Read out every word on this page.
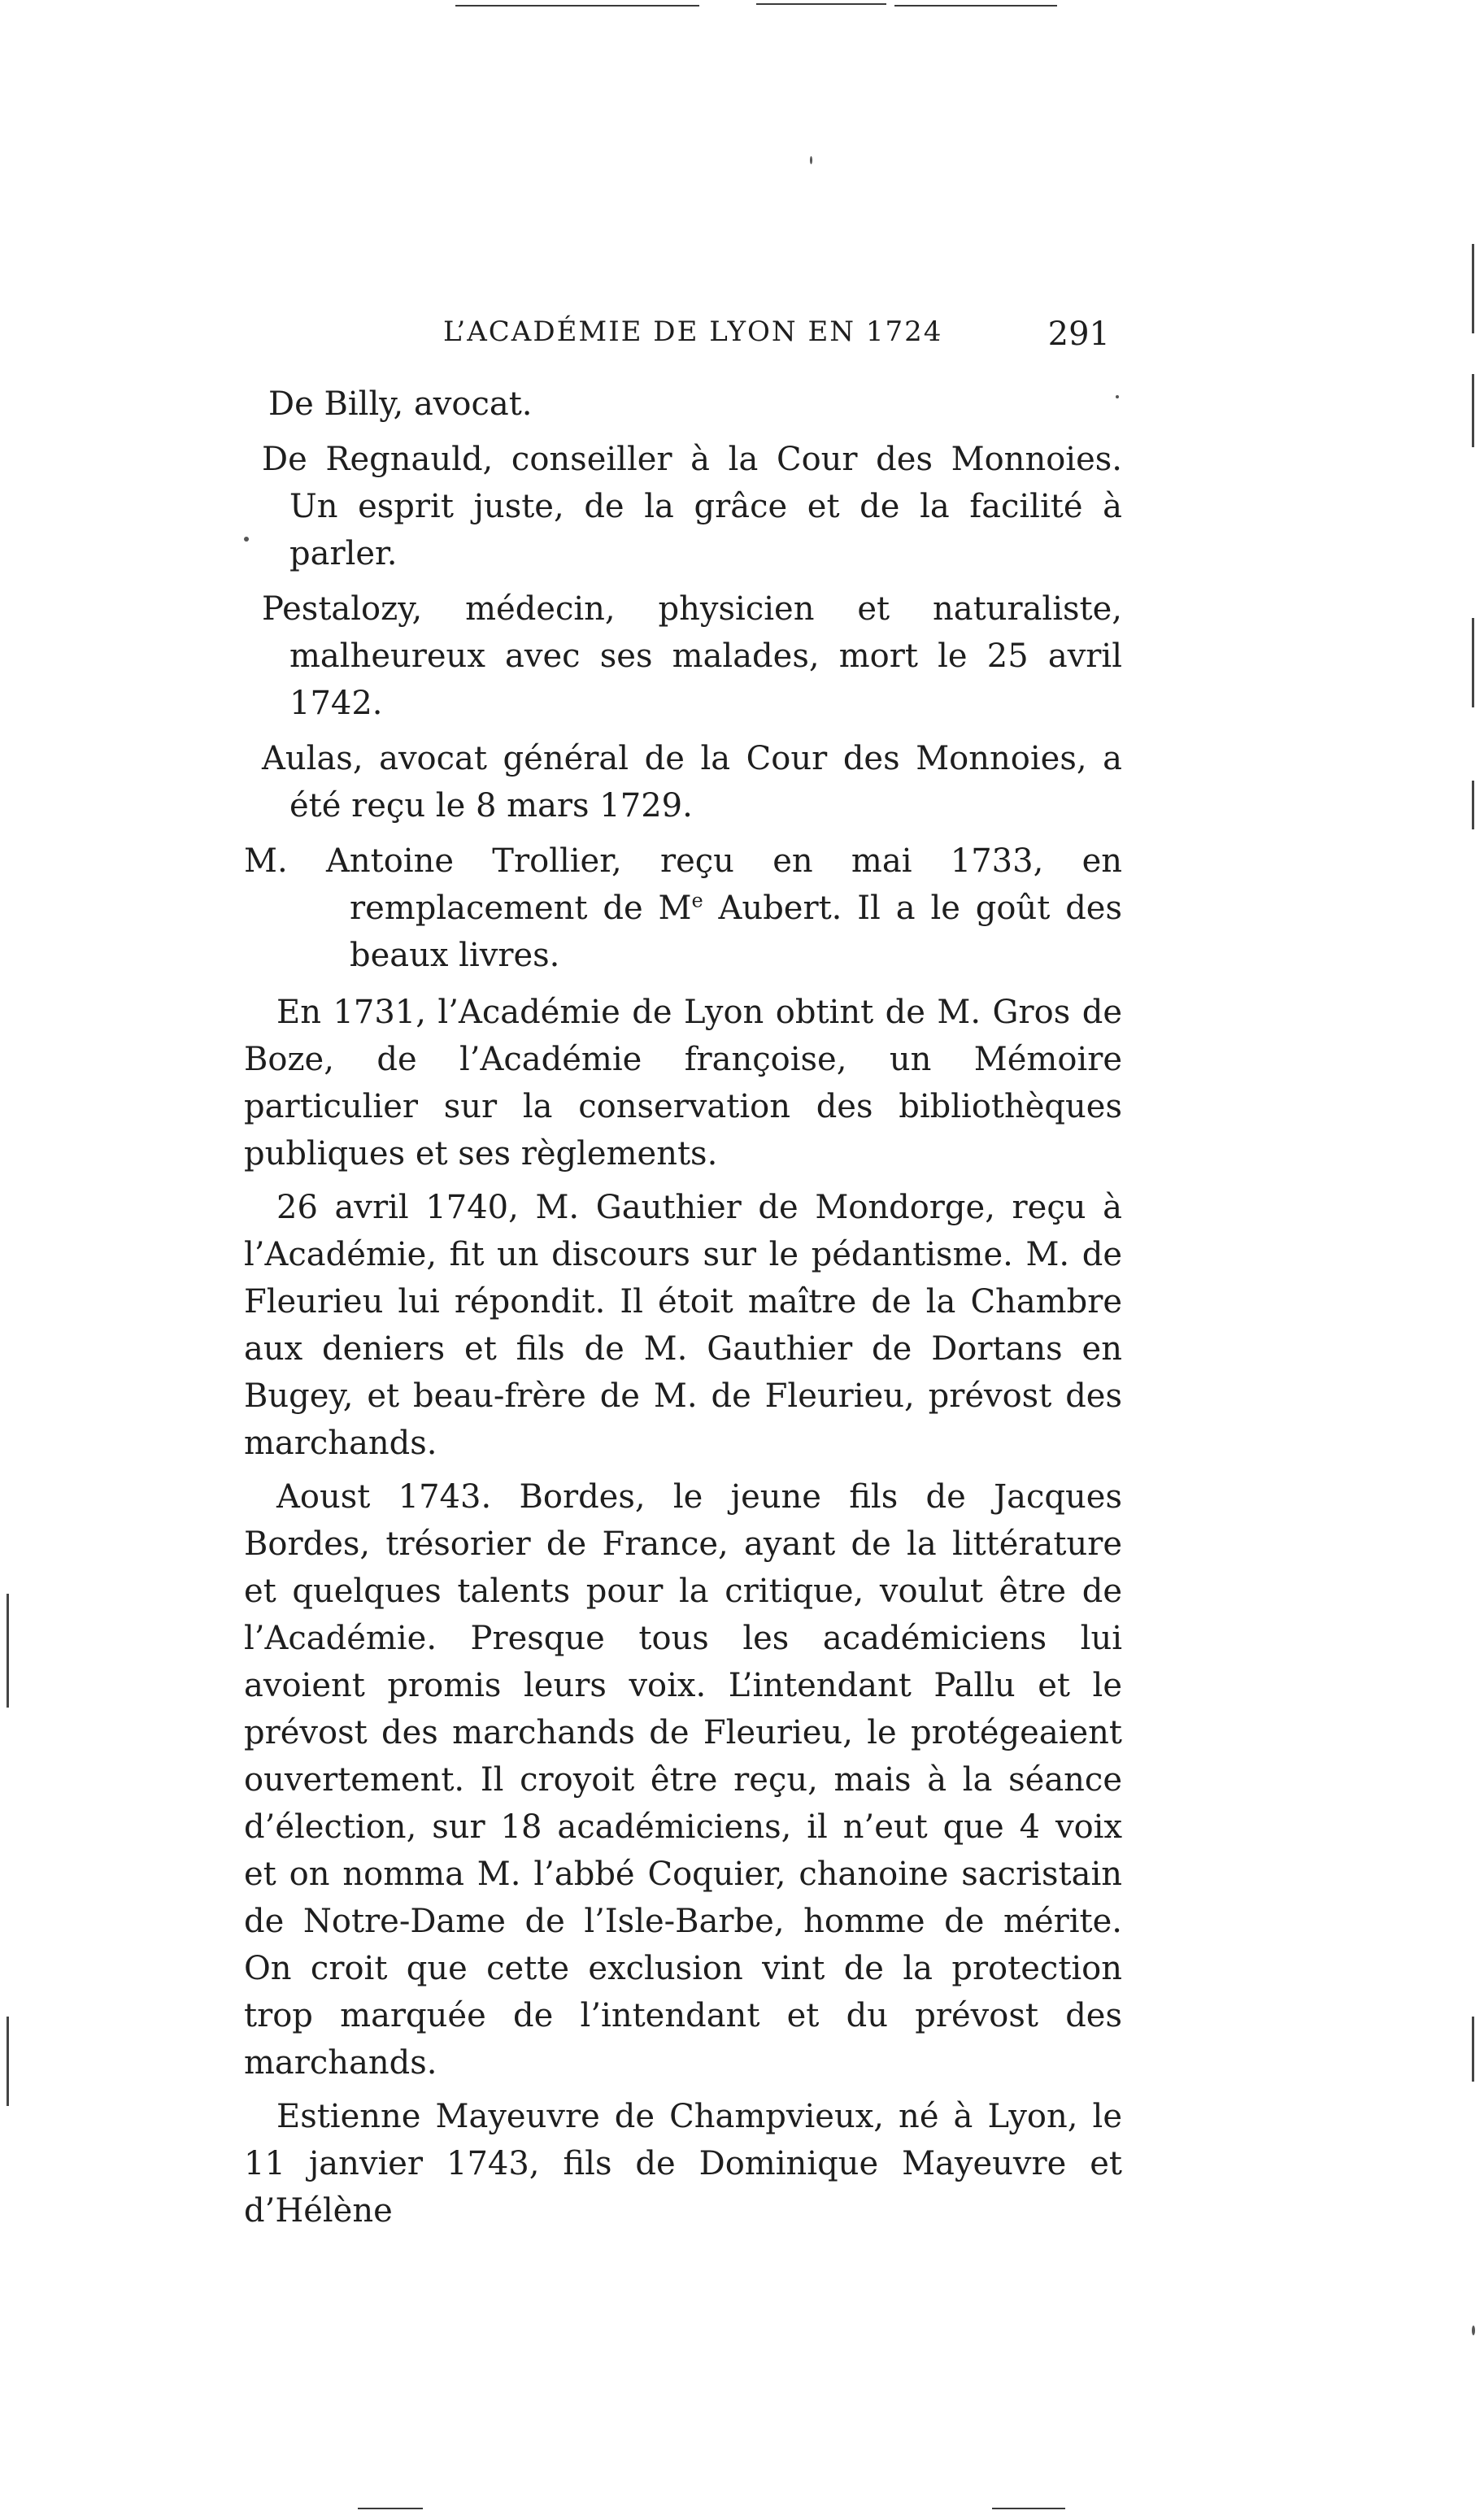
L’ACADÉMIE DE LYON EN 1724	291

De Billy, avocat.

De Regnauld, conseiller à la Cour des Monnoies. Un esprit juste, de la grâce et de la facilité à parler.

Pestalozy, médecin, physicien et naturaliste, malheureux avec ses malades, mort le 25 avril 1742.

Aulas, avocat général de la Cour des Monnoies, a été reçu le 8 mars 1729.

M. Antoine Trollier, reçu en mai 1733, en remplacement de Me Aubert. Il a le goût des beaux livres.

En 1731, l’Académie de Lyon obtint de M. Gros de Boze, de l’Académie françoise, un Mémoire particulier sur la conservation des bibliothèques publiques et ses règlements.

26 avril 1740, M. Gauthier de Mondorge, reçu à l’Académie, fit un discours sur le pédantisme. M. de Fleurieu lui répondit. Il étoit maître de la Chambre aux deniers et fils de M. Gauthier de Dortans en Bugey, et beau-frère de M. de Fleurieu, prévost des marchands.

Aoust 1743. Bordes, le jeune fils de Jacques Bordes, trésorier de France, ayant de la littérature et quelques talents pour la critique, voulut être de l’Académie. Presque tous les académiciens lui avoient promis leurs voix. L’intendant Pallu et le prévost des marchands de Fleurieu, le protégeaient ouvertement. Il croyoit être reçu, mais à la séance d’élection, sur 18 académiciens, il n’eut que 4 voix et on nomma M. l’abbé Coquier, chanoine sacristain de Notre-Dame de l’Isle-Barbe, homme de mérite. On croit que cette exclusion vint de la protection trop marquée de l’intendant et du prévost des marchands.

Estienne Mayeuvre de Champvieux, né à Lyon, le 11 janvier 1743, fils de Dominique Mayeuvre et d’Hélène
